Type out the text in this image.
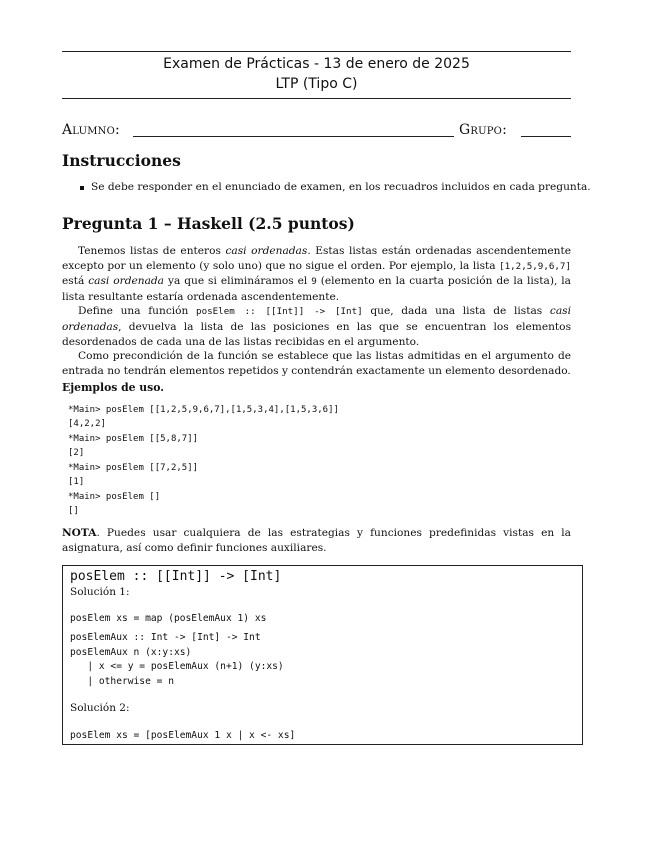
Examen de Prácticas - 13 de enero de 2025
LTP (Tipo C)
Alumno:	Grupo:
Instrucciones
Se debe responder en el enunciado de examen, en los recuadros incluidos en cada pregunta.
Pregunta 1 – Haskell (2.5 puntos)

Tenemos listas de enteros casi ordenadas. Estas listas están ordenadas ascendentemente excepto por un elemento (y solo uno) que no sigue el orden. Por ejemplo, la lista [1,2,5,9,6,7] está casi ordenada ya que si elimináramos el 9 (elemento en la cuarta posición de la lista), la lista resultante estaría ordenada ascendentemente.

Define una función posElem :: [[Int]] -> [Int] que, dada una lista de listas casi ordenadas, devuelva la lista de las posiciones en las que se encuentran los elementos desordenados de cada una de las listas recibidas en el argumento.

Como precondición de la función se establece que las listas admitidas en el argumento de entrada no tendrán elementos repetidos y contendrán exactamente un elemento desordenado.

Ejemplos de uso.
*Main> posElem [[1,2,5,9,6,7],[1,5,3,4],[1,5,3,6]]
[4,2,2]
*Main> posElem [[5,8,7]]
[2]
*Main> posElem [[7,2,5]]
[1]
*Main> posElem []
[]
NOTA. Puedes usar cualquiera de las estrategias y funciones predefinidas vistas en la asignatura, así como definir funciones auxiliares.
posElem :: [[Int]] -> [Int]
Solución 1:
posElem xs = map (posElemAux 1) xs
posElemAux :: Int -> [Int] -> Int
posElemAux n (x:y:xs)
| x <= y = posElemAux (n+1) (y:xs)
| otherwise = n
Solución 2:
posElem xs = [posElemAux 1 x | x <- xs]
